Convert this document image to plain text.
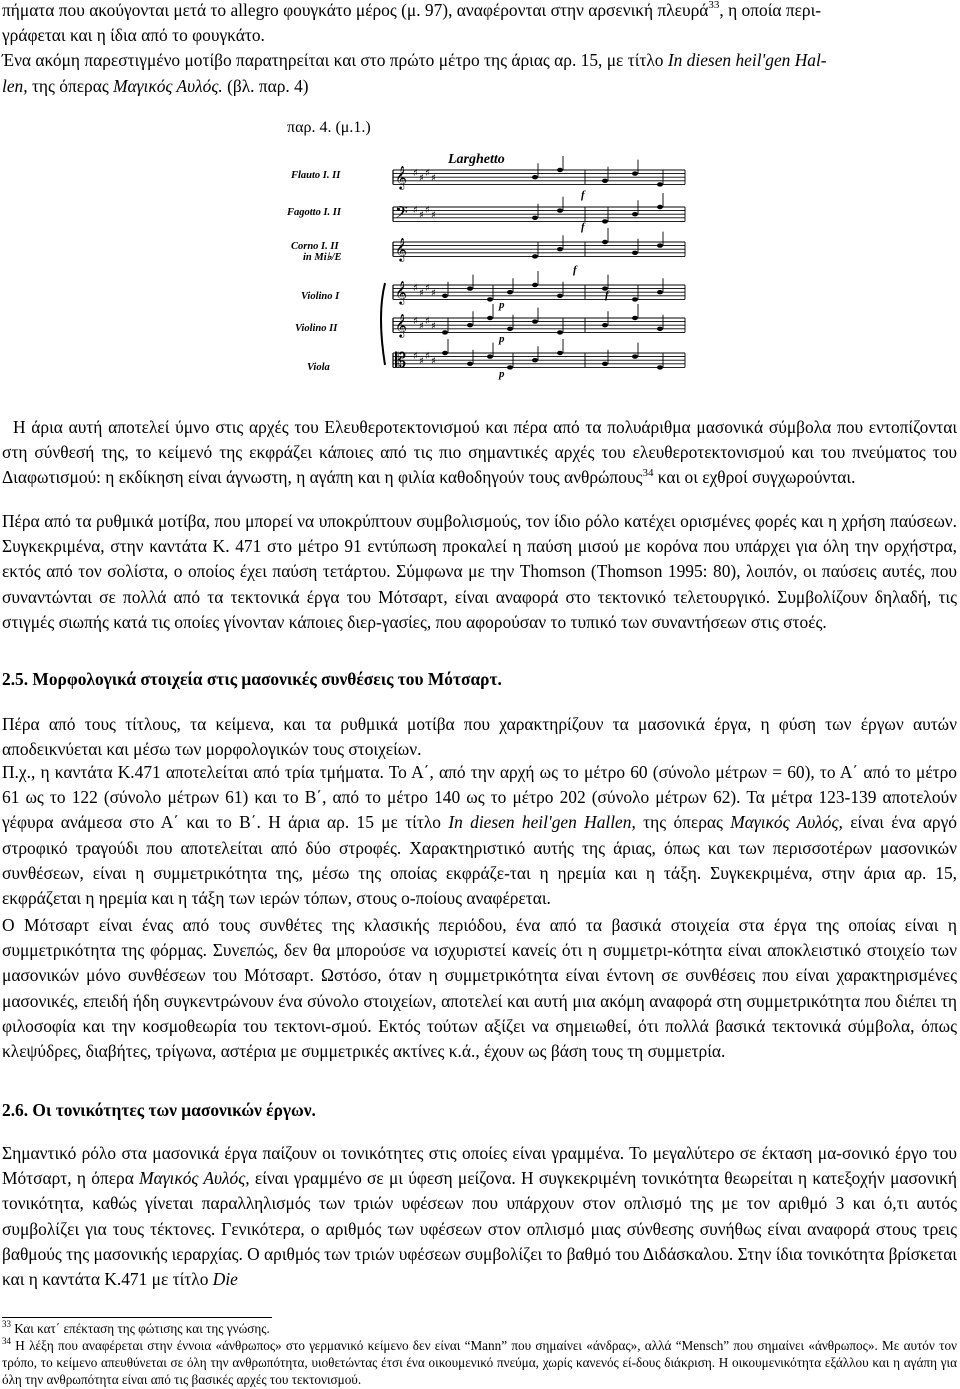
πήματα που ακούγονται μετά το allegro φουγκάτο μέρος (μ. 97), αναφέρονται στην αρσενική πλευρά$^{33}$, η οποία περι-
γράφεται και η ίδια από το φουγκάτο.
Ένα ακόμη παρεστιγμένο μοτίβο παρατηρείται και στο πρώτο μέτρο της άριας αρ. 15, με τίτλο In diesen heil'gen Hal-
len, της όπερας Μαγικός Αυλός. (βλ. παρ. 4)

παρ. 4. (μ.1.)
Larghetto
Flauto I. II
Fagotto I. II
Corno I. II
in Mi♭/E
Violino I
Violino II
Viola
𝄞 ♯ ♯ ♯ ♯
𝄢 ♯ ♯ ♯ ♯
𝄞
𝄞 ♯ ♯ ♯ ♯
𝄞 ♯ ♯ ♯ ♯
𝄡 ♯ ♯ ♯ ♯
f
f
f
f
p
p
p

Η άρια αυτή αποτελεί ύμνο στις αρχές του Ελευθεροτεκτονισμού και πέρα από τα πολυάριθμα μασονικά σύμβολα που εντοπίζονται στη σύνθεσή της, το κείμενό της εκφράζει κάποιες από τις πιο σημαντικές αρχές του ελευθεροτεκτονισμού και του πνεύματος του Διαφωτισμού: η εκδίκηση είναι άγνωστη, η αγάπη και η φιλία καθοδηγούν τους ανθρώπους$^{34}$ και οι εχθροί συγχωρούνται.

Πέρα από τα ρυθμικά μοτίβα, που μπορεί να υποκρύπτουν συμβολισμούς, τον ίδιο ρόλο κατέχει ορισμένες φορές και η χρήση παύσεων. Συγκεκριμένα, στην καντάτα Κ. 471 στο μέτρο 91 εντύπωση προκαλεί η παύση μισού με κορόνα που υπάρχει για όλη την ορχήστρα, εκτός από τον σολίστα, ο οποίος έχει παύση τετάρτου. Σύμφωνα με την Thomson (Thomson 1995: 80), λοιπόν, οι παύσεις αυτές, που συναντώνται σε πολλά από τα τεκτονικά έργα του Μότσαρτ, είναι αναφορά στο τεκτονικό τελετουργικό. Συμβολίζουν δηλαδή, τις στιγμές σιωπής κατά τις οποίες γίνονταν κάποιες διερ-γασίες, που αφορούσαν το τυπικό των συναντήσεων στις στοές.

2.5. Μορφολογικά στοιχεία στις μασονικές συνθέσεις του Μότσαρτ.

Πέρα από τους τίτλους, τα κείμενα, και τα ρυθμικά μοτίβα που χαρακτηρίζουν τα μασονικά έργα, η φύση των έργων αυτών αποδεικνύεται και μέσω των μορφολογικών τους στοιχείων.

Π.χ., η καντάτα Κ.471 αποτελείται από τρία τμήματα. Το Α΄, από την αρχή ως το μέτρο 60 (σύνολο μέτρων = 60), το Α΄ από το μέτρο 61 ως το 122 (σύνολο μέτρων 61) και το Β΄, από το μέτρο 140 ως το μέτρο 202 (σύνολο μέτρων 62). Τα μέτρα 123-139 αποτελούν γέφυρα ανάμεσα στο Α΄ και το Β΄. Η άρια αρ. 15 με τίτλο In diesen heil'gen Hallen, της όπερας Μαγικός Αυλός, είναι ένα αργό στροφικό τραγούδι που αποτελείται από δύο στροφές. Χαρακτηριστικό αυτής της άριας, όπως και των περισσοτέρων μασονικών συνθέσεων, είναι η συμμετρικότητα της, μέσω της οποίας εκφράζε-ται η ηρεμία και η τάξη. Συγκεκριμένα, στην άρια αρ. 15, εκφράζεται η ηρεμία και η τάξη των ιερών τόπων, στους ο-ποίους αναφέρεται.

Ο Μότσαρτ είναι ένας από τους συνθέτες της κλασικής περιόδου, ένα από τα βασικά στοιχεία στα έργα της οποίας είναι η συμμετρικότητα της φόρμας. Συνεπώς, δεν θα μπορούσε να ισχυριστεί κανείς ότι η συμμετρι-κότητα είναι αποκλειστικό στοιχείο των μασονικών μόνο συνθέσεων του Μότσαρτ. Ωστόσο, όταν η συμμετρικότητα είναι έντονη σε συνθέσεις που είναι χαρακτηρισμένες μασονικές, επειδή ήδη συγκεντρώνουν ένα σύνολο στοιχείων, αποτελεί και αυτή μια ακόμη αναφορά στη συμμετρικότητα που διέπει τη φιλοσοφία και την κοσμοθεωρία του τεκτονι-σμού. Εκτός τούτων αξίζει να σημειωθεί, ότι πολλά βασικά τεκτονικά σύμβολα, όπως κλεψύδρες, διαβήτες, τρίγωνα, αστέρια με συμμετρικές ακτίνες κ.ά., έχουν ως βάση τους τη συμμετρία.

2.6. Οι τονικότητες των μασονικών έργων.

Σημαντικό ρόλο στα μασονικά έργα παίζουν οι τονικότητες στις οποίες είναι γραμμένα. Το μεγαλύτερο σε έκταση μα-σονικό έργο του Μότσαρτ, η όπερα Μαγικός Αυλός, είναι γραμμένο σε μι ύφεση μείζονα. Η συγκεκριμένη τονικότητα θεωρείται η κατεξοχήν μασονική τονικότητα, καθώς γίνεται παραλληλισμός των τριών υφέσεων που υπάρχουν στον οπλισμό της με τον αριθμό 3 και ό,τι αυτός συμβολίζει για τους τέκτονες. Γενικότερα, ο αριθμός των υφέσεων στον οπλισμό μιας σύνθεσης συνήθως είναι αναφορά στους τρεις βαθμούς της μασονικής ιεραρχίας. Ο αριθμός των τριών υφέσεων συμβολίζει το βαθμό του Διδάσκαλου. Στην ίδια τονικότητα βρίσκεται και η καντάτα Κ.471 με τίτλο Die

$^{33}$ Και κατ΄ επέκταση της φώτισης και της γνώσης.

$^{34}$ Η λέξη που αναφέρεται στην έννοια «άνθρωπος» στο γερμανικό κείμενο δεν είναι “Mann” που σημαίνει «άνδρας», αλλά “Mensch” που σημαίνει «άνθρωπος». Με αυτόν τον τρόπο, το κείμενο απευθύνεται σε όλη την ανθρωπότητα, υιοθετώντας έτσι ένα οικουμενικό πνεύμα, χωρίς κανενός εί-δους διάκριση. Η οικουμενικότητα εξάλλου και η αγάπη για όλη την ανθρωπότητα είναι από τις βασικές αρχές του τεκτονισμού.
